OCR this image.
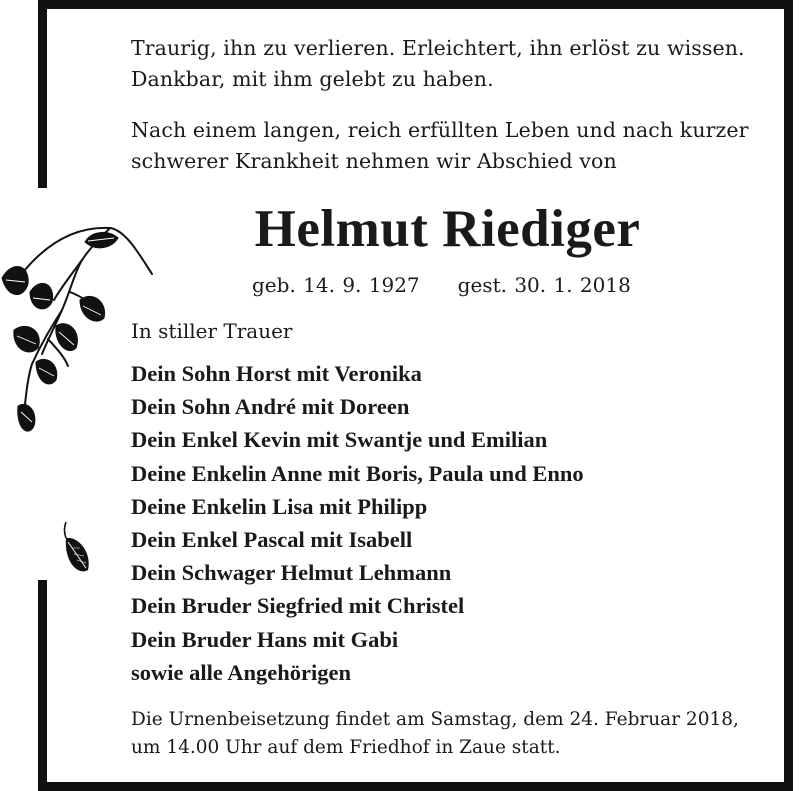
Traurig, ihn zu verlieren. Erleichtert, ihn erlöst zu wissen.
Dankbar, mit ihm gelebt zu haben.
Nach einem langen, reich erfüllten Leben und nach kurzer
schwerer Krankheit nehmen wir Abschied von
Helmut Riediger
geb. 14. 9. 1927 gest. 30. 1. 2018
In stiller Trauer
Dein Sohn Horst mit Veronika
Dein Sohn André mit Doreen
Dein Enkel Kevin mit Swantje und Emilian
Deine Enkelin Anne mit Boris, Paula und Enno
Deine Enkelin Lisa mit Philipp
Dein Enkel Pascal mit Isabell
Dein Schwager Helmut Lehmann
Dein Bruder Siegfried mit Christel
Dein Bruder Hans mit Gabi
sowie alle Angehörigen
Die Urnenbeisetzung findet am Samstag, dem 24. Februar 2018,
um 14.00 Uhr auf dem Friedhof in Zaue statt.
